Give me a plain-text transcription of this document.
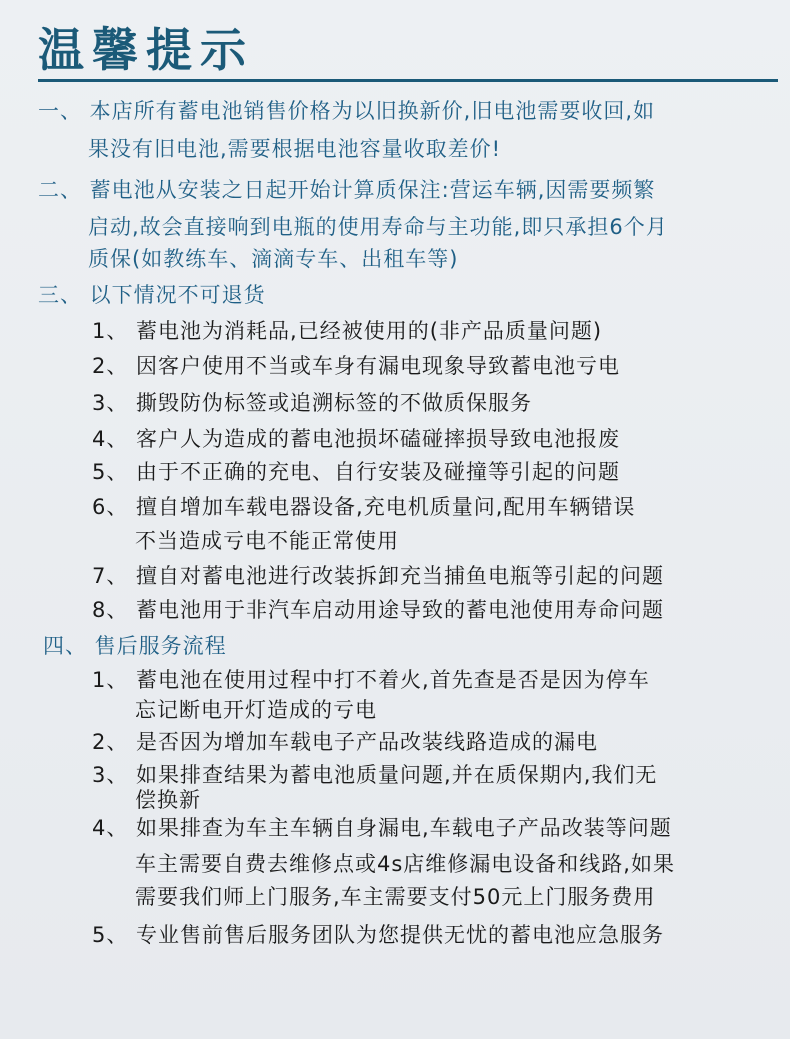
温馨提示
一、 本店所有蓄电池销售价格为以旧换新价,旧电池需要收回,如
果没有旧电池,需要根据电池容量收取差价!
二、 蓄电池从安装之日起开始计算质保注:营运车辆,因需要频繁
启动,故会直接响到电瓶的使用寿命与主功能,即只承担6个月
质保(如教练车、滴滴专车、出租车等)
三、 以下情况不可退货
1、 蓄电池为消耗品,已经被使用的(非产品质量问题)
2、 因客户使用不当或车身有漏电现象导致蓄电池亏电
3、 撕毁防伪标签或追溯标签的不做质保服务
4、 客户人为造成的蓄电池损坏磕碰摔损导致电池报废
5、 由于不正确的充电、自行安装及碰撞等引起的问题
6、 擅自增加车载电器设备,充电机质量问,配用车辆错误
不当造成亏电不能正常使用
7、 擅自对蓄电池进行改装拆卸充当捕鱼电瓶等引起的问题
8、 蓄电池用于非汽车启动用途导致的蓄电池使用寿命问题
四、 售后服务流程
1、 蓄电池在使用过程中打不着火,首先查是否是因为停车
忘记断电开灯造成的亏电
2、 是否因为增加车载电子产品改装线路造成的漏电
3、 如果排查结果为蓄电池质量问题,并在质保期内,我们无
偿换新
4、 如果排查为车主车辆自身漏电,车载电子产品改装等问题
车主需要自费去维修点或4s店维修漏电设备和线路,如果
需要我们师上门服务,车主需要支付50元上门服务费用
5、 专业售前售后服务团队为您提供无忧的蓄电池应急服务
